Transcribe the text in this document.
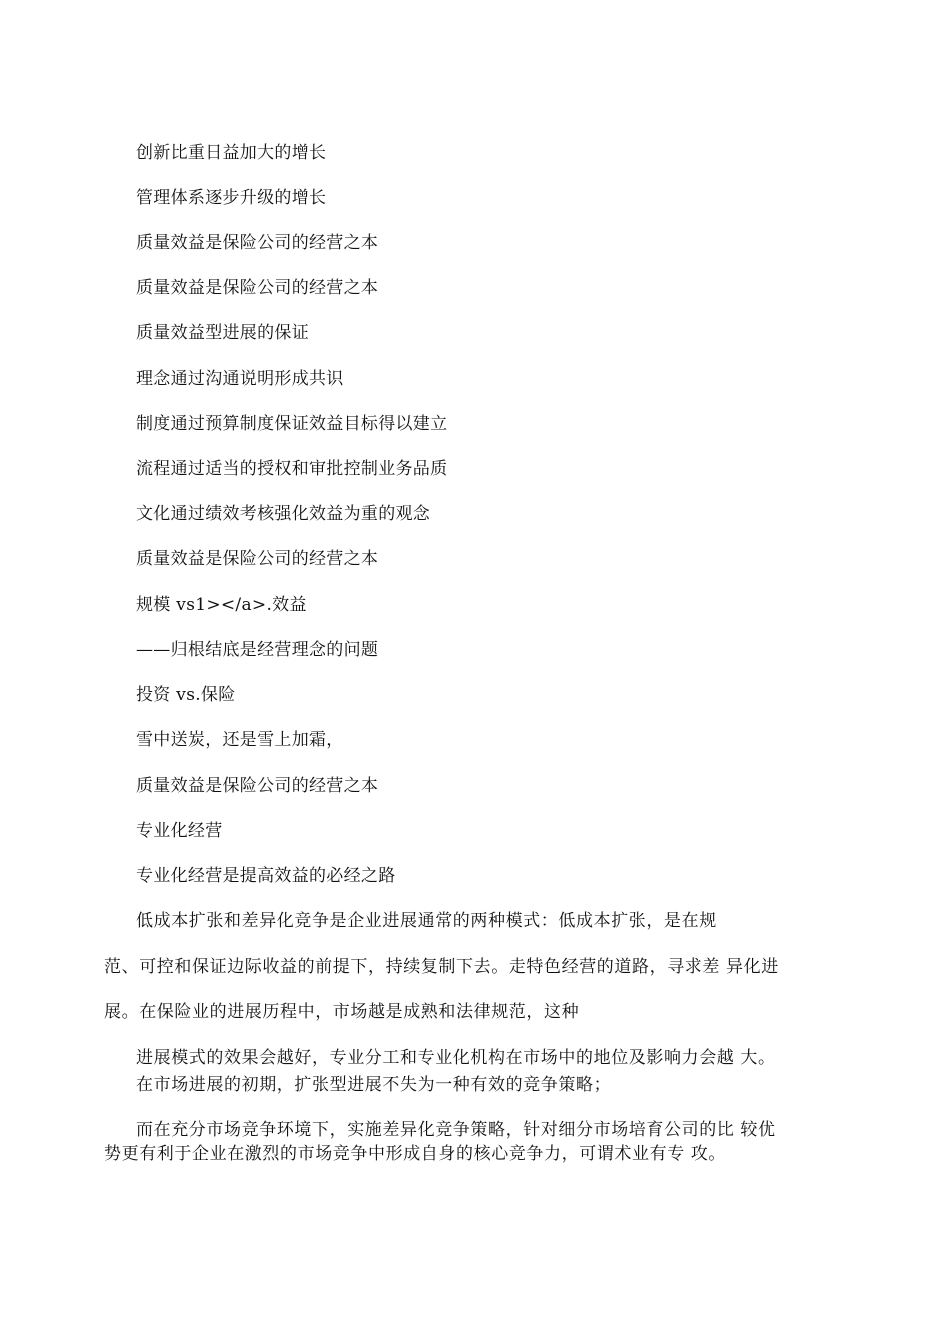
创新比重日益加大的增长
管理体系逐步升级的增长
质量效益是保险公司的经营之本
质量效益是保险公司的经营之本
质量效益型进展的保证
理念通过沟通说明形成共识
制度通过预算制度保证效益目标得以建立
流程通过适当的授权和审批控制业务品质
文化通过绩效考核强化效益为重的观念
质量效益是保险公司的经营之本
规模 vs1></a>.效益
——归根结底是经营理念的问题
投资 vs.保险
雪中送炭，还是雪上加霜，
质量效益是保险公司的经营之本
专业化经营
专业化经营是提高效益的必经之路
低成本扩张和差异化竞争是企业进展通常的两种模式：低成本扩张，是在规
范、可控和保证边际收益的前提下，持续复制下去。走特色经营的道路，寻求差 异化进
展。在保险业的进展历程中，市场越是成熟和法律规范，这种
进展模式的效果会越好，专业分工和专业化机构在市场中的地位及影响力会越 大。
在市场进展的初期，扩张型进展不失为一种有效的竞争策略；
而在充分市场竞争环境下，实施差异化竞争策略，针对细分市场培育公司的比 较优
势更有利于企业在激烈的市场竞争中形成自身的核心竞争力，可谓术业有专 攻。
